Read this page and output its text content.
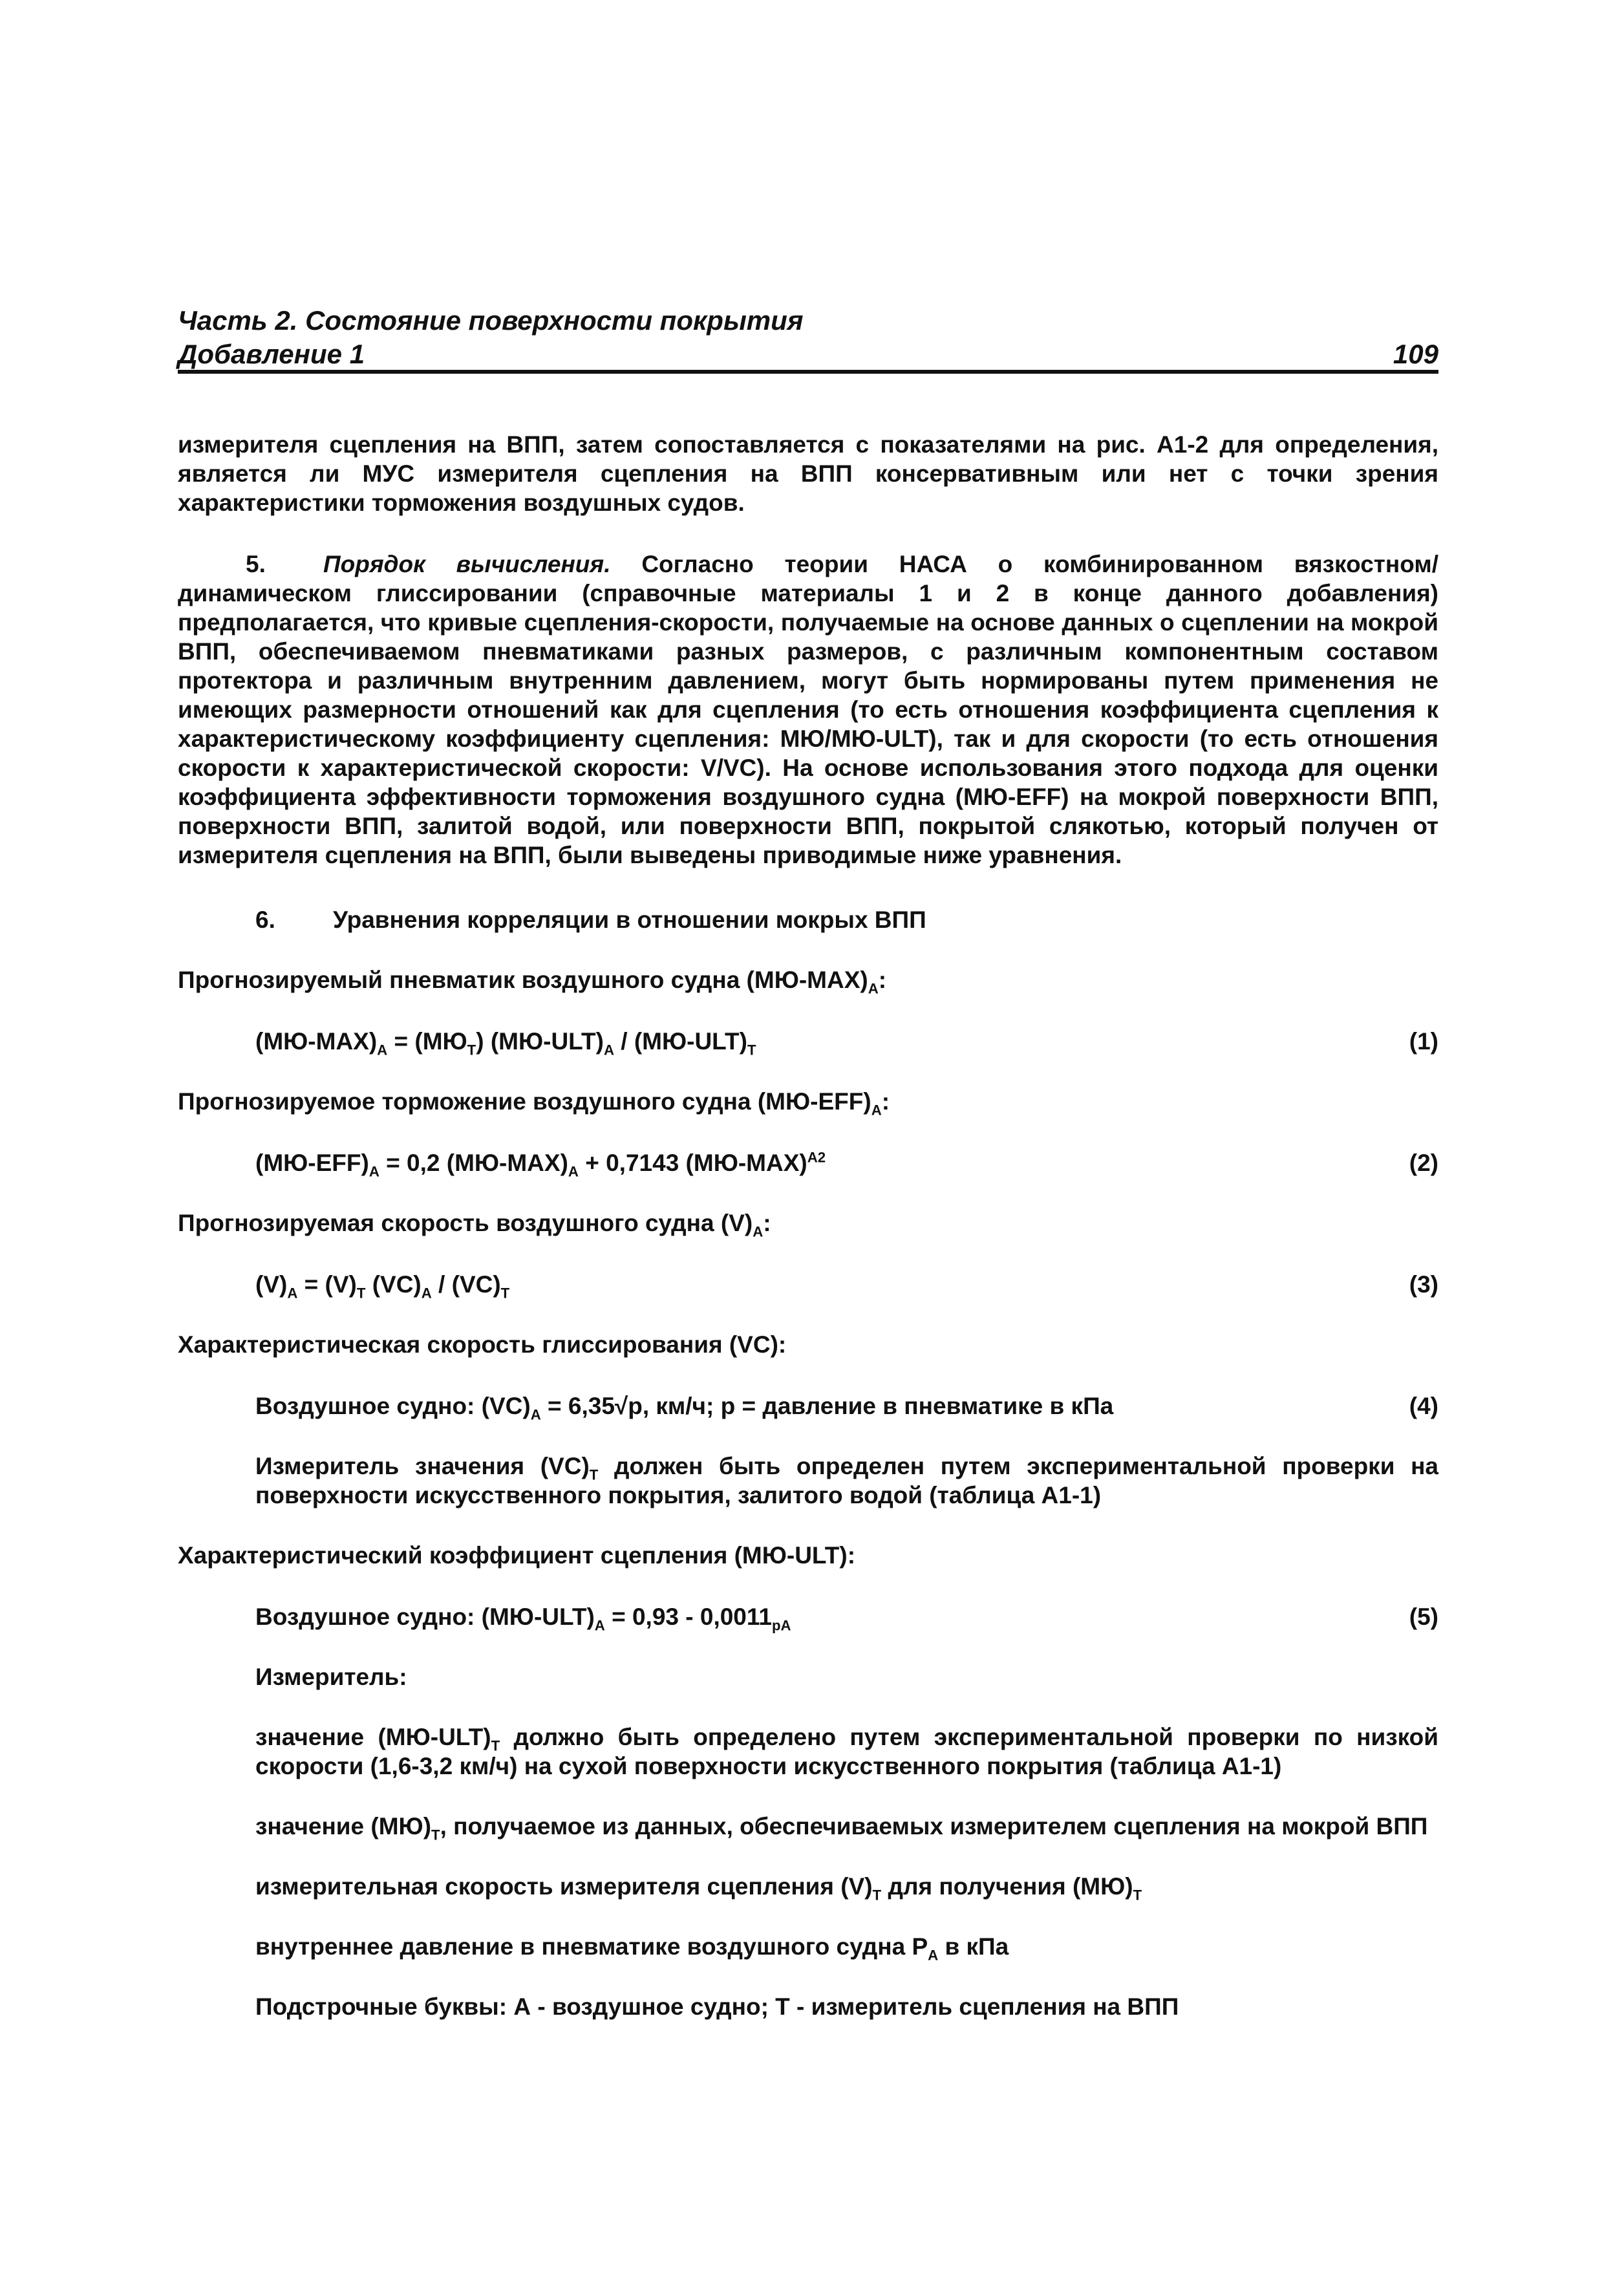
Часть 2. Состояние поверхности покрытия
Добавление 1	109

измерителя сцепления на ВПП, затем сопоставляется с показателями на рис. А1-2 для определения, является ли МУС измерителя сцепления на ВПП консервативным или нет с точки зрения характеристики торможения воздушных судов.

5. Порядок вычисления. Согласно теории НАСА о комбинированном вязкостном/ динамическом глиссировании (справочные материалы 1 и 2 в конце данного добавления) предполагается, что кривые сцепления-скорости, получаемые на основе данных о сцеплении на мокрой ВПП, обеспечиваемом пневматиками разных размеров, с различным компонентным составом протектора и различным внутренним давлением, могут быть нормированы путем применения не имеющих размерности отношений как для сцепления (то есть отношения коэффициента сцепления к характеристическому коэффициенту сцепления: МЮ/МЮ-ULT), так и для скорости (то есть отношения скорости к характеристической скорости: V/VC). На основе использования этого подхода для оценки коэффициента эффективности торможения воздушного судна (МЮ-EFF) на мокрой поверхности ВПП, поверхности ВПП, залитой водой, или поверхности ВПП, покрытой слякотью, который получен от измерителя сцепления на ВПП, были выведены приводимые ниже уравнения.

6. Уравнения корреляции в отношении мокрых ВПП

Прогнозируемый пневматик воздушного судна $(МЮ-МАХ)_A$:

$(МЮ-МАХ)_A = (МЮ_T)$ $(МЮ-ULT)_A / (МЮ-ULT)_T$	(1)

Прогнозируемое торможение воздушного судна $(МЮ-EFF)_A$:

$(МЮ-EFF)_A = 0,2$ $(МЮ-МАХ)_A + 0,7143$ $(МЮ-МАХ)^{A2}$	(2)

Прогнозируемая скорость воздушного судна $(V)_A$:

$(V)_A = (V)_T$ $(VC)_A / (VC)_T$	(3)

Характеристическая скорость глиссирования (VC):

Воздушное судно: $(VC)_A = 6,35√p$, км/ч; p = давление в пневматике в кПа	(4)

Измеритель значения $(VC)_T$ должен быть определен путем экспериментальной проверки на поверхности искусственного покрытия, залитого водой (таблица А1-1)

Характеристический коэффициент сцепления (МЮ-ULT):

Воздушное судно: $(МЮ-ULT)_A = 0,93 - 0,0011_{pA}$	(5)

Измеритель:

значение $(МЮ-ULT)_T$ должно быть определено путем экспериментальной проверки по низкой скорости (1,6-3,2 км/ч) на сухой поверхности искусственного покрытия (таблица А1-1)

значение $(МЮ)_T$, получаемое из данных, обеспечиваемых измерителем сцепления на мокрой ВПП

измерительная скорость измерителя сцепления $(V)_T$ для получения $(МЮ)_T$

внутреннее давление в пневматике воздушного судна $P_A$ в кПа

Подстрочные буквы: А - воздушное судно; Т - измеритель сцепления на ВПП
